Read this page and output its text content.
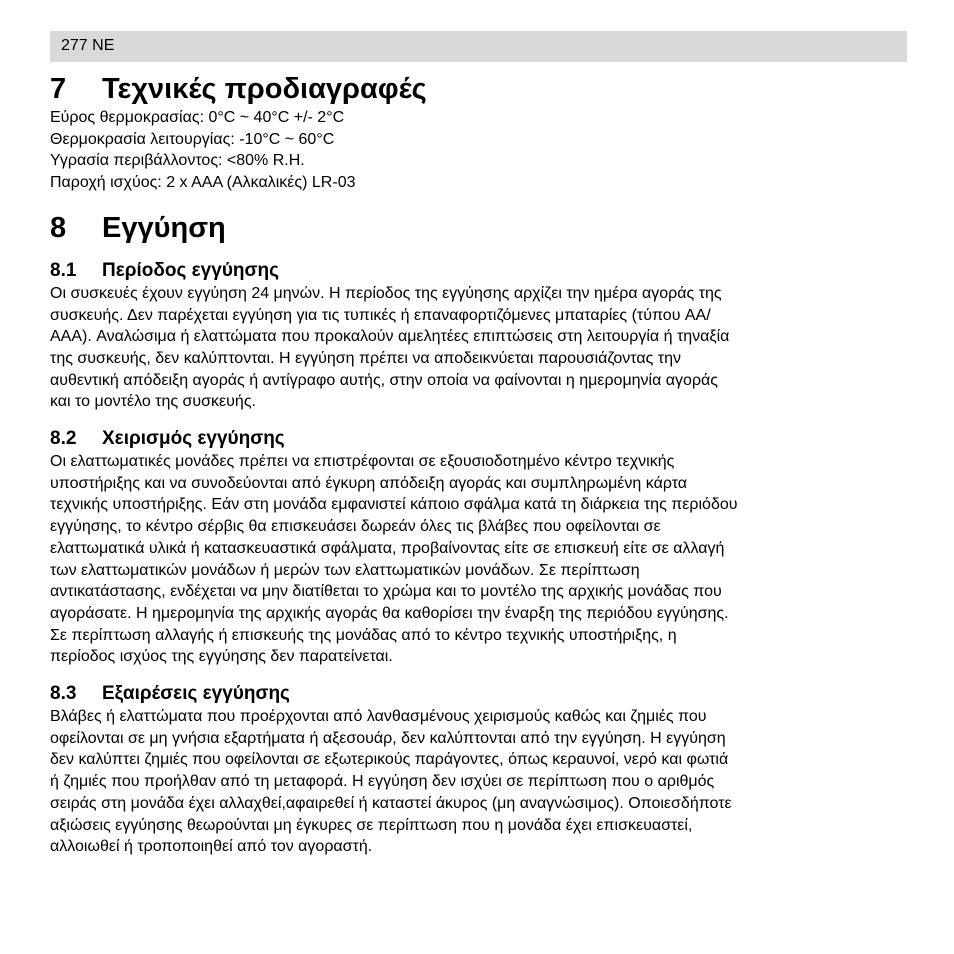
277 NE
7	Τεχνικές προδιαγραφές
Εύρος θερμοκρασίας: 0°C ~ 40°C +/- 2°C
Θερμοκρασία λειτουργίας: -10°C ~ 60°C
Υγρασία περιβάλλοντος: <80% R.H.
Παροχή ισχύος: 2 x AAA (Αλκαλικές) LR-03
8	Εγγύηση
8.1	Περίοδος εγγύησης
Οι συσκευές έχουν εγγύηση 24 μηνών. Η περίοδος της εγγύησης αρχίζει την ημέρα αγοράς της
συσκευής. Δεν παρέχεται εγγύηση για τις τυπικές ή επαναφορτιζόμενες μπαταρίες (τύπου AA/
AAA). Αναλώσιμα ή ελαττώματα που προκαλούν αμελητέες επιπτώσεις στη λειτουργία ή τηναξία
της συσκευής, δεν καλύπτονται. Η εγγύηση πρέπει να αποδεικνύεται παρουσιάζοντας την
αυθεντική απόδειξη αγοράς ή αντίγραφο αυτής, στην οποία να φαίνονται η ημερομηνία αγοράς
και το μοντέλο της συσκευής.
8.2	Χειρισμός εγγύησης
Οι ελαττωματικές μονάδες πρέπει να επιστρέφονται σε εξουσιοδοτημένο κέντρο τεχνικής
υποστήριξης και να συνοδεύονται από έγκυρη απόδειξη αγοράς και συμπληρωμένη κάρτα
τεχνικής υποστήριξης. Εάν στη μονάδα εμφανιστεί κάποιο σφάλμα κατά τη διάρκεια της περιόδου
εγγύησης, το κέντρο σέρβις θα επισκευάσει δωρεάν όλες τις βλάβες που οφείλονται σε
ελαττωματικά υλικά ή κατασκευαστικά σφάλματα, προβαίνοντας είτε σε επισκευή είτε σε αλλαγή
των ελαττωματικών μονάδων ή μερών των ελαττωματικών μονάδων. Σε περίπτωση
αντικατάστασης, ενδέχεται να μην διατίθεται το χρώμα και το μοντέλο της αρχικής μονάδας που
αγοράσατε. Η ημερομηνία της αρχικής αγοράς θα καθορίσει την έναρξη της περιόδου εγγύησης.
Σε περίπτωση αλλαγής ή επισκευής της μονάδας από το κέντρο τεχνικής υποστήριξης, η
περίοδος ισχύος της εγγύησης δεν παρατείνεται.
8.3	Εξαιρέσεις εγγύησης
Βλάβες ή ελαττώματα που προέρχονται από λανθασμένους χειρισμούς καθώς και ζημιές που
οφείλονται σε μη γνήσια εξαρτήματα ή αξεσουάρ, δεν καλύπτονται από την εγγύηση. Η εγγύηση
δεν καλύπτει ζημιές που οφείλονται σε εξωτερικούς παράγοντες, όπως κεραυνοί, νερό και φωτιά
ή ζημιές που προήλθαν από τη μεταφορά. Η εγγύηση δεν ισχύει σε περίπτωση που ο αριθμός
σειράς στη μονάδα έχει αλλαχθεί,αφαιρεθεί ή καταστεί άκυρος (μη αναγνώσιμος). Οποιεσδήποτε
αξιώσεις εγγύησης θεωρούνται μη έγκυρες σε περίπτωση που η μονάδα έχει επισκευαστεί,
αλλοιωθεί ή τροποποιηθεί από τον αγοραστή.
